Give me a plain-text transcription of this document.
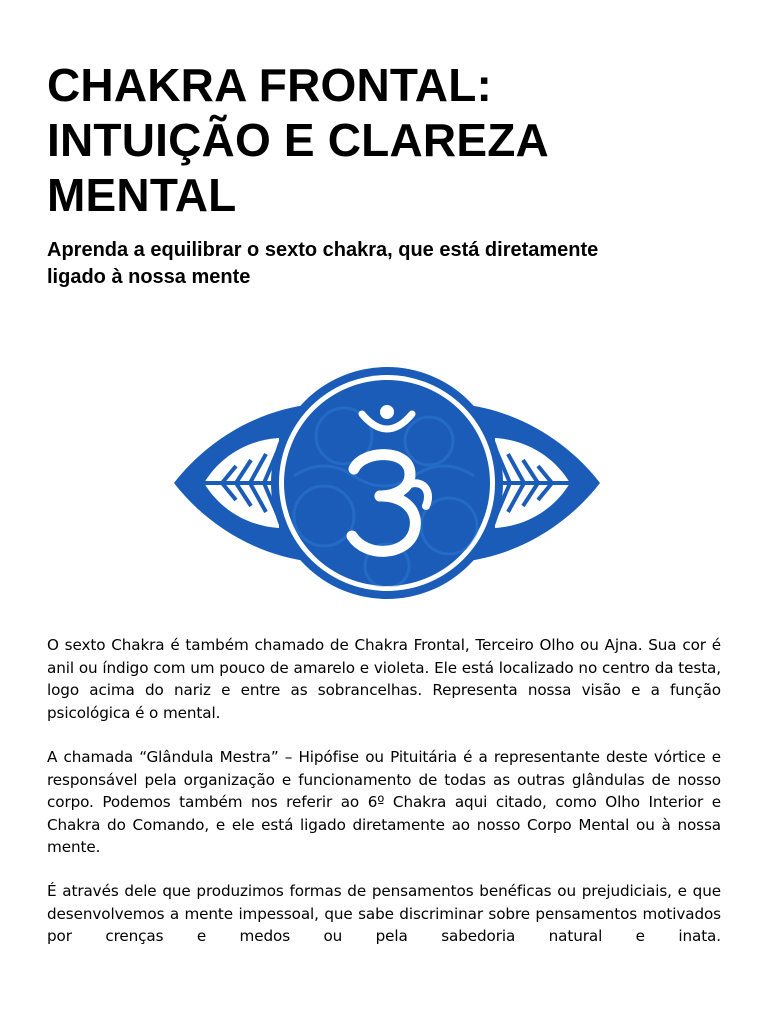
CHAKRA FRONTAL:
INTUIÇÃO E CLAREZA
MENTAL
Aprenda a equilibrar o sexto chakra, que está diretamente
ligado à nossa mente

O sexto Chakra é também chamado de Chakra Frontal, Terceiro Olho ou Ajna. Sua cor é anil ou índigo com um pouco de amarelo e violeta. Ele está localizado no centro da testa, logo acima do nariz e entre as sobrancelhas. Representa nossa visão e a função psicológica é o mental.

A chamada “Glândula Mestra” – Hipófise ou Pituitária é a representante deste vórtice e responsável pela organização e funcionamento de todas as outras glândulas de nosso corpo. Podemos também nos referir ao 6º Chakra aqui citado, como Olho Interior e Chakra do Comando, e ele está ligado diretamente ao nosso Corpo Mental ou à nossa mente.

É através dele que produzimos formas de pensamentos benéficas ou prejudiciais, e que desenvolvemos a mente impessoal, que sabe discriminar sobre pensamentos motivados por crenças e medos ou pela sabedoria natural e inata.
